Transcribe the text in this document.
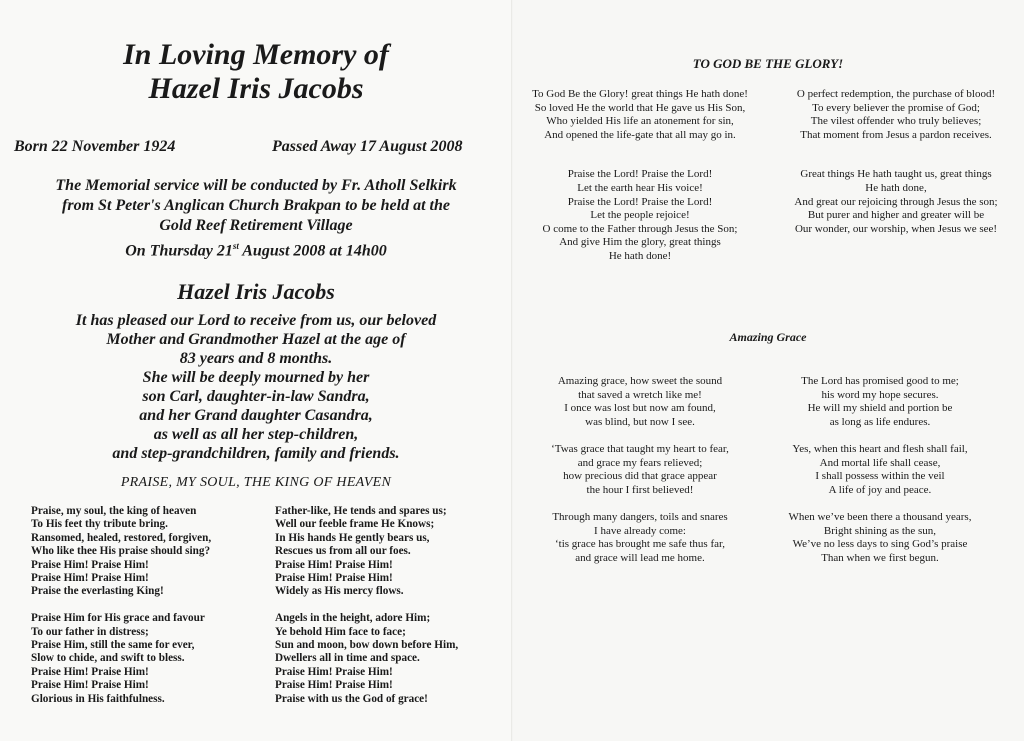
In Loving Memory of
Hazel Iris Jacobs
Born 22 November 1924	Passed Away 17 August 2008
The Memorial service will be conducted by Fr. Atholl Selkirk
from St Peter's Anglican Church Brakpan to be held at the
Gold Reef Retirement Village
On Thursday 21st August 2008 at 14h00
Hazel Iris Jacobs
It has pleased our Lord to receive from us, our beloved
Mother and Grandmother Hazel at the age of
83 years and 8 months.
She will be deeply mourned by her
son Carl, daughter-in-law Sandra,
and her Grand daughter Casandra,
as well as all her step-children,
and step-grandchildren, family and friends.
PRAISE, MY SOUL, THE KING OF HEAVEN
Praise, my soul, the king of heaven
To His feet thy tribute bring.
Ransomed, healed, restored, forgiven,
Who like thee His praise should sing?
Praise Him! Praise Him!
Praise Him! Praise Him!
Praise the everlasting King!
Praise Him for His grace and favour
To our father in distress;
Praise Him, still the same for ever,
Slow to chide, and swift to bless.
Praise Him! Praise Him!
Praise Him! Praise Him!
Glorious in His faithfulness.
Father-like, He tends and spares us;
Well our feeble frame He Knows;
In His hands He gently bears us,
Rescues us from all our foes.
Praise Him! Praise Him!
Praise Him! Praise Him!
Widely as His mercy flows.
Angels in the height, adore Him;
Ye behold Him face to face;
Sun and moon, bow down before Him,
Dwellers all in time and space.
Praise Him! Praise Him!
Praise Him! Praise Him!
Praise with us the God of grace!
TO GOD BE THE GLORY!
To God Be the Glory! great things He hath done!
So loved He the world that He gave us His Son,
Who yielded His life an atonement for sin,
And opened the life-gate that all may go in.
Praise the Lord! Praise the Lord!
Let the earth hear His voice!
Praise the Lord! Praise the Lord!
Let the people rejoice!
O come to the Father through Jesus the Son;
And give Him the glory, great things
He hath done!
O perfect redemption, the purchase of blood!
To every believer the promise of God;
The vilest offender who truly believes;
That moment from Jesus a pardon receives.
Great things He hath taught us, great things
He hath done,
And great our rejoicing through Jesus the son;
But purer and higher and greater will be
Our wonder, our worship, when Jesus we see!
Amazing Grace
Amazing grace, how sweet the sound
that saved a wretch like me!
I once was lost but now am found,
was blind, but now I see.
‘Twas grace that taught my heart to fear,
and grace my fears relieved;
how precious did that grace appear
the hour I first believed!
Through many dangers, toils and snares
I have already come:
‘tis grace has brought me safe thus far,
and grace will lead me home.
The Lord has promised good to me;
his word my hope secures.
He will my shield and portion be
as long as life endures.
Yes, when this heart and flesh shall fail,
And mortal life shall cease,
I shall possess within the veil
A life of joy and peace.
When we’ve been there a thousand years,
Bright shining as the sun,
We’ve no less days to sing God’s praise
Than when we first begun.
